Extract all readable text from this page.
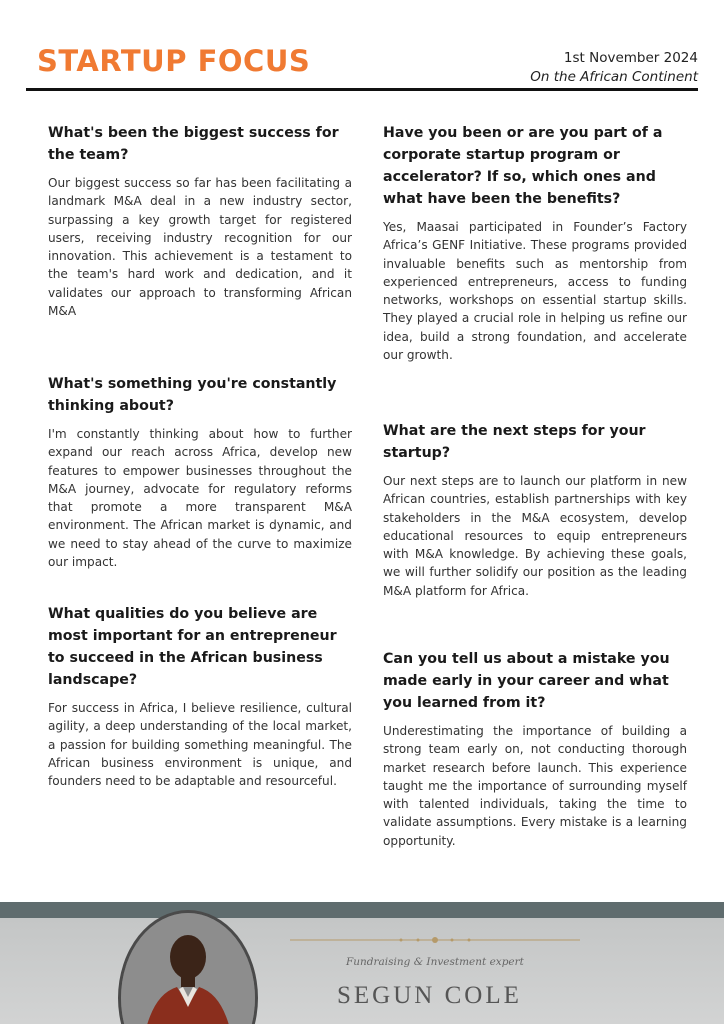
STARTUP FOCUS	1st November 2024
On the African Continent

What's been the biggest success for the team?

Our biggest success so far has been facilitating a landmark M&A deal in a new industry sector, surpassing a key growth target for registered users, receiving industry recognition for our innovation. This achievement is a testament to the team's hard work and dedication, and it validates our approach to transforming African M&A

What's something you're constantly thinking about?

I'm constantly thinking about how to further expand our reach across Africa, develop new features to empower businesses throughout the M&A journey, advocate for regulatory reforms that promote a more transparent M&A environment. The African market is dynamic, and we need to stay ahead of the curve to maximize our impact.

What qualities do you believe are most important for an entrepreneur to succeed in the African business landscape?

For success in Africa, I believe resilience, cultural agility, a deep understanding of the local market, a passion for building something meaningful. The African business environment is unique, and founders need to be adaptable and resourceful.

Have you been or are you part of a corporate startup program or accelerator? If so, which ones and what have been the benefits?

Yes, Maasai participated in Founder’s Factory Africa’s GENF Initiative. These programs provided invaluable benefits such as mentorship from experienced entrepreneurs, access to funding networks, workshops on essential startup skills. They played a crucial role in helping us refine our idea, build a strong foundation, and accelerate our growth.

What are the next steps for your startup?

Our next steps are to launch our platform in new African countries, establish partnerships with key stakeholders in the M&A ecosystem, develop educational resources to equip entrepreneurs with M&A knowledge. By achieving these goals, we will further solidify our position as the leading M&A platform for Africa.

Can you tell us about a mistake you made early in your career and what you learned from it?

Underestimating the importance of building a strong team early on, not conducting thorough market research before launch. This experience taught me the importance of surrounding myself with talented individuals, taking the time to validate assumptions. Every mistake is a learning opportunity.

Fundraising & Investment expert
SEGUN COLE
